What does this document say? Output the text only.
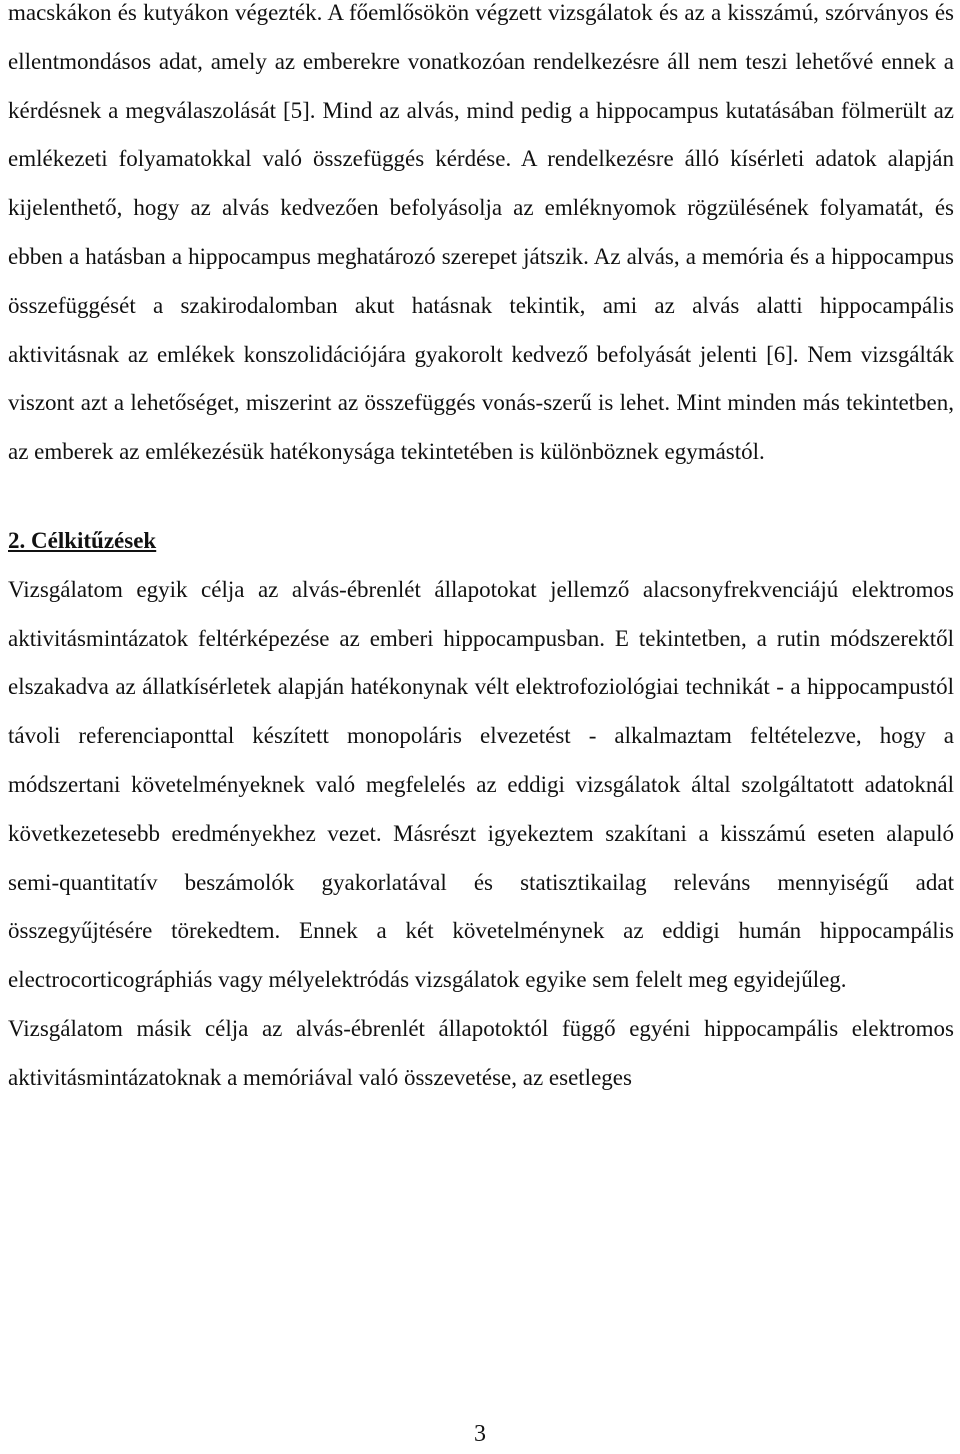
macskákon és kutyákon végezték. A főemlősökön végzett vizsgálatok és az a kisszámú, szórványos és ellentmondásos adat, amely az emberekre vonatkozóan rendelkezésre áll nem teszi lehetővé ennek a kérdésnek a megválaszolását [5]. Mind az alvás, mind pedig a hippocampus kutatásában fölmerült az emlékezeti folyamatokkal való összefüggés kérdése. A rendelkezésre álló kísérleti adatok alapján kijelenthető, hogy az alvás kedvezően befolyásolja az emléknyomok rögzülésének folyamatát, és ebben a hatásban a hippocampus meghatározó szerepet játszik. Az alvás, a memória és a hippocampus összefüggését a szakirodalomban akut hatásnak tekintik, ami az alvás alatti hippocampális aktivitásnak az emlékek konszolidációjára gyakorolt kedvező befolyását jelenti [6]. Nem vizsgálták viszont azt a lehetőséget, miszerint az összefüggés vonás-szerű is lehet. Mint minden más tekintetben, az emberek az emlékezésük hatékonysága tekintetében is különböznek egymástól.

2. Célkitűzések

Vizsgálatom egyik célja az alvás-ébrenlét állapotokat jellemző alacsonyfrekvenciájú elektromos aktivitásmintázatok feltérképezése az emberi hippocampusban. E tekintetben, a rutin módszerektől elszakadva az állatkísérletek alapján hatékonynak vélt elektrofoziológiai technikát - a hippocampustól távoli referenciaponttal készített monopoláris elvezetést - alkalmaztam feltételezve, hogy a módszertani követelményeknek való megfelelés az eddigi vizsgálatok által szolgáltatott adatoknál következetesebb eredményekhez vezet. Másrészt igyekeztem szakítani a kisszámú eseten alapuló semi-quantitatív beszámolók gyakorlatával és statisztikailag releváns mennyiségű adat összegyűjtésére törekedtem. Ennek a két követelménynek az eddigi humán hippocampális electrocorticográphiás vagy mélyelektródás vizsgálatok egyike sem felelt meg egyidejűleg.

Vizsgálatom másik célja az alvás-ébrenlét állapotoktól függő egyéni hippocampális elektromos aktivitásmintázatoknak a memóriával való összevetése, az esetleges

3
